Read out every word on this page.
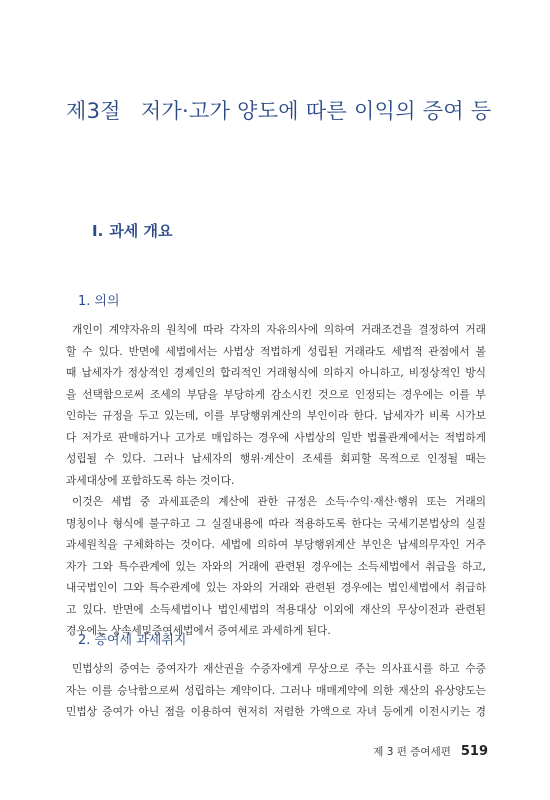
제3절 저가·고가 양도에 따른 이익의 증여 등
Ⅰ. 과세 개요
1. 의의
개인이 계약자유의 원칙에 따라 각자의 자유의사에 의하여 거래조건을 결정하여 거래
할 수 있다. 반면에 세법에서는 사법상 적법하게 성립된 거래라도 세법적 관점에서 볼
때 납세자가 정상적인 경제인의 합리적인 거래형식에 의하지 아니하고, 비정상적인 방식
을 선택함으로써 조세의 부담을 부당하게 감소시킨 것으로 인정되는 경우에는 이를 부
인하는 규정을 두고 있는데, 이를 부당행위계산의 부인이라 한다. 납세자가 비록 시가보
다 저가로 판매하거나 고가로 매입하는 경우에 사법상의 일반 법률관계에서는 적법하게
성립될 수 있다. 그러나 납세자의 행위·계산이 조세를 회피할 목적으로 인정될 때는
과세대상에 포함하도록 하는 것이다.
이것은 세법 중 과세표준의 계산에 관한 규정은 소득·수익·재산·행위 또는 거래의
명칭이나 형식에 불구하고 그 실질내용에 따라 적용하도록 한다는 국세기본법상의 실질
과세원칙을 구체화하는 것이다. 세법에 의하여 부당행위계산 부인은 납세의무자인 거주
자가 그와 특수관계에 있는 자와의 거래에 관련된 경우에는 소득세법에서 취급을 하고,
내국법인이 그와 특수관계에 있는 자와의 거래와 관련된 경우에는 법인세법에서 취급하
고 있다. 반면에 소득세법이나 법인세법의 적용대상 이외에 재산의 무상이전과 관련된
경우에는 상속세및증여세법에서 증여세로 과세하게 된다.
2. 증여세 과세취지
민법상의 증여는 증여자가 재산권을 수증자에게 무상으로 주는 의사표시를 하고 수증
자는 이를 승낙함으로써 성립하는 계약이다. 그러나 매매계약에 의한 재산의 유상양도는
민법상 증여가 아닌 점을 이용하여 현저히 저렴한 가액으로 자녀 등에게 이전시키는 경
제 3 편 증여세편 519
